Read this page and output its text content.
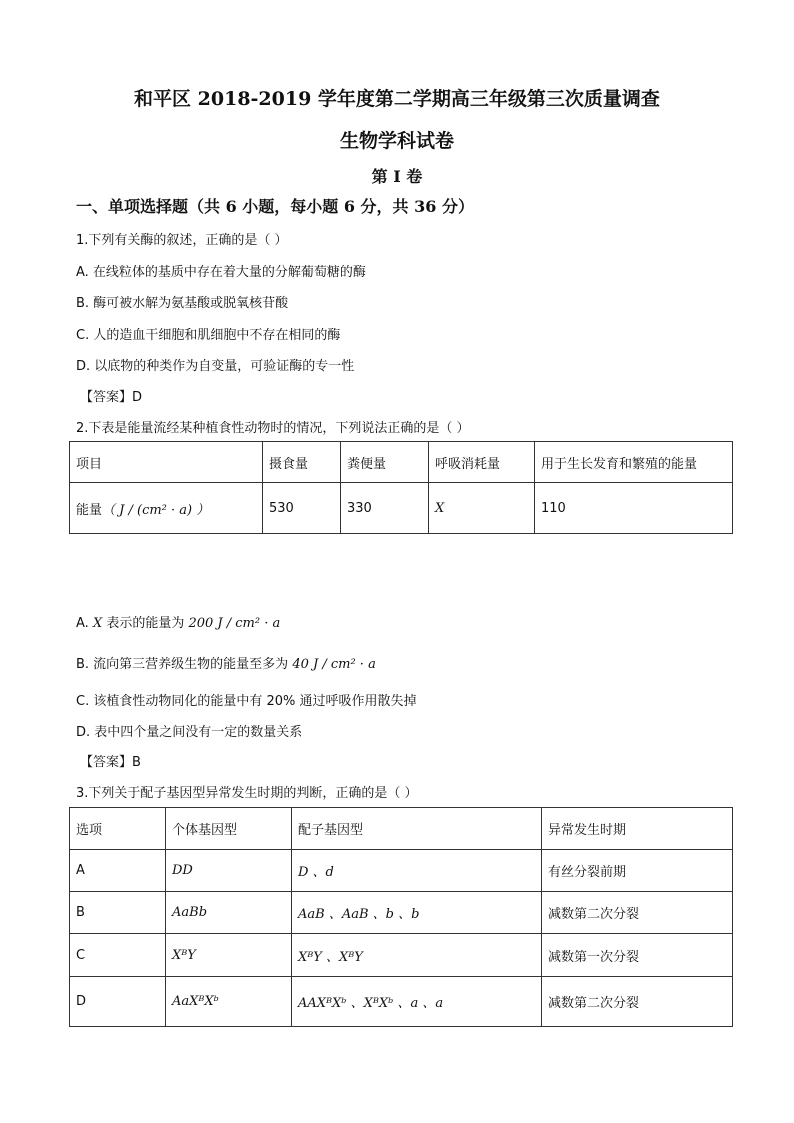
和平区 2018-2019 学年度第二学期高三年级第三次质量调查
生物学科试卷
第 I 卷
一、单项选择题（共 6 小题，每小题 6 分，共 36 分）
1.下列有关酶的叙述，正确的是（ ）
A. 在线粒体的基质中存在着大量的分解葡萄糖的酶
B. 酶可被水解为氨基酸或脱氧核苷酸
C. 人的造血干细胞和肌细胞中不存在相同的酶
D. 以底物的种类作为自变量，可验证酶的专一性
【答案】D
2.下表是能量流经某种植食性动物时的情况，下列说法正确的是（ ）
项目	摄食量	粪便量	呼吸消耗量	用于生长发育和繁殖的能量
能量（ J / (cm² · a) ）	530	330	X	110
A. X 表示的能量为 200 J / cm² · a
B. 流向第三营养级生物的能量至多为 40 J / cm² · a
C. 该植食性动物同化的能量中有 20% 通过呼吸作用散失掉
D. 表中四个量之间没有一定的数量关系
【答案】B
3.下列关于配子基因型异常发生时期的判断，正确的是（ ）
选项	个体基因型	配子基因型	异常发生时期
A	DD	D 、d	有丝分裂前期
B	AaBb	AaB 、AaB 、b 、b	减数第二次分裂
C	XᴮY	XᴮY 、XᴮY	减数第一次分裂
D	AaXᴮXᵇ	AAXᴮXᵇ 、XᴮXᵇ 、a 、a	减数第二次分裂
